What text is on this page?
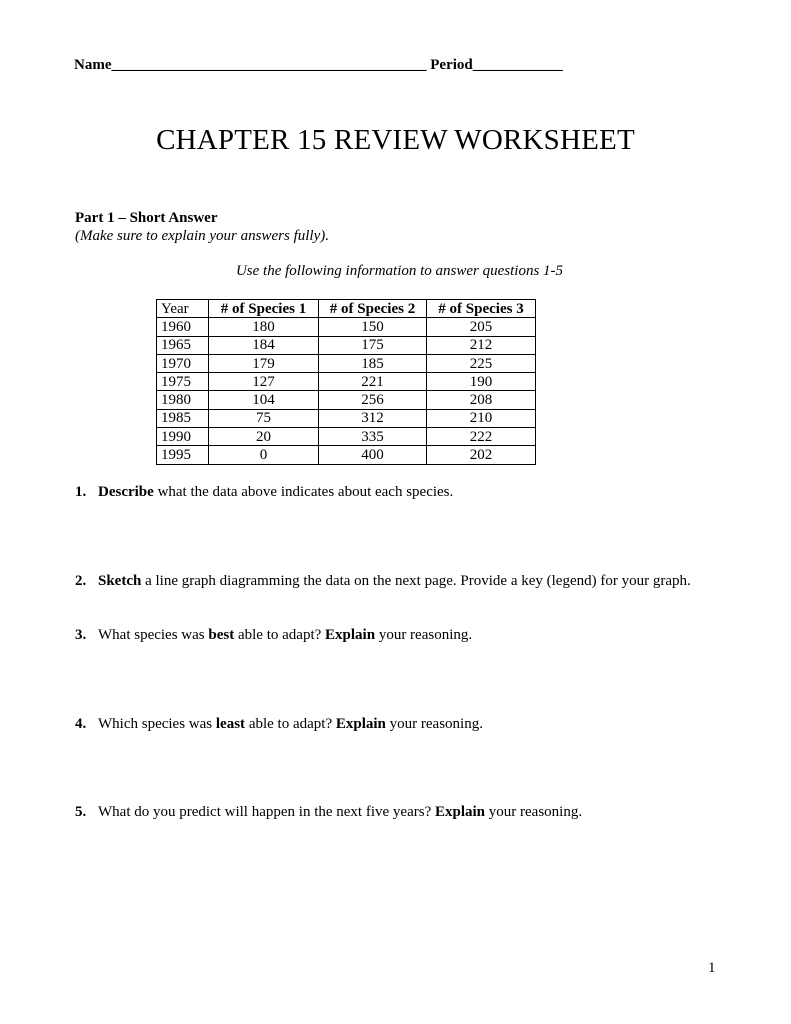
Name__________________________________________ Period____________
CHAPTER 15 REVIEW WORKSHEET
Part 1 – Short Answer
(Make sure to explain your answers fully).
Use the following information to answer questions 1-5
Year	# of Species 1	# of Species 2	# of Species 3
1960	180	150	205
1965	184	175	212
1970	179	185	225
1975	127	221	190
1980	104	256	208
1985	75	312	210
1990	20	335	222
1995	0	400	202
1. Describe what the data above indicates about each species.
2. Sketch a line graph diagramming the data on the next page. Provide a key (legend) for your graph.
3. What species was best able to adapt? Explain your reasoning.
4. Which species was least able to adapt? Explain your reasoning.
5. What do you predict will happen in the next five years? Explain your reasoning.
1
